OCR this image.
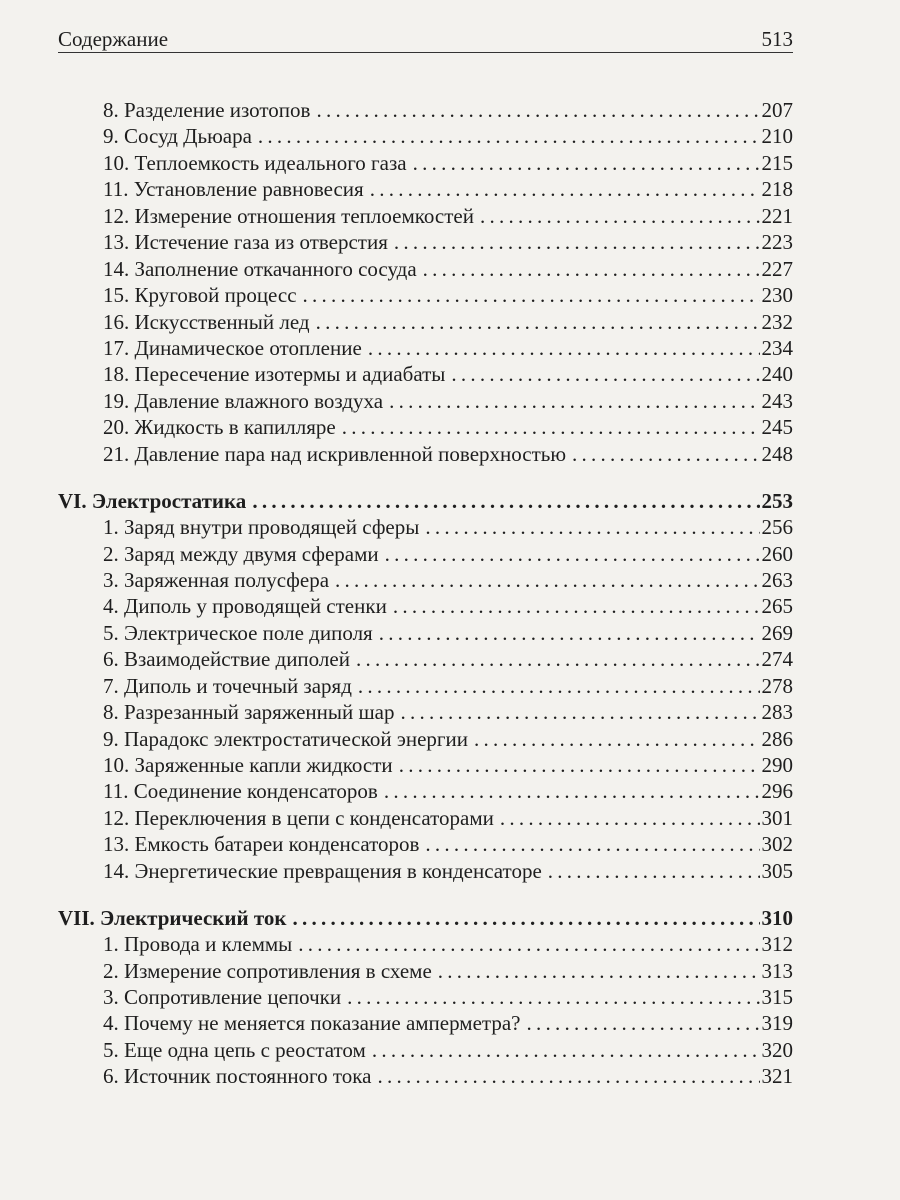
Содержание	513
8. Разделение изотопов . . .	207
9. Сосуд Дьюара . . .	210
10. Теплоемкость идеального газа . . .	215
11. Установление равновесия . . .	218
12. Измерение отношения теплоемкостей . . .	221
13. Истечение газа из отверстия . . .	223
14. Заполнение откачанного сосуда . . .	227
15. Круговой процесс . . .	230
16. Искусственный лед . . .	232
17. Динамическое отопление . . .	234
18. Пересечение изотермы и адиабаты . . .	240
19. Давление влажного воздуха . . .	243
20. Жидкость в капилляре . . .	245
21. Давление пара над искривленной поверхностью . . .	248
VI. Электростатика . . .	253
1. Заряд внутри проводящей сферы . . .	256
2. Заряд между двумя сферами . . .	260
3. Заряженная полусфера . . .	263
4. Диполь у проводящей стенки . . .	265
5. Электрическое поле диполя . . .	269
6. Взаимодействие диполей . . .	274
7. Диполь и точечный заряд . . .	278
8. Разрезанный заряженный шар . . .	283
9. Парадокс электростатической энергии . . .	286
10. Заряженные капли жидкости . . .	290
11. Соединение конденсаторов . . .	296
12. Переключения в цепи с конденсаторами . . .	301
13. Емкость батареи конденсаторов . . .	302
14. Энергетические превращения в конденсаторе . . .	305
VII. Электрический ток . . .	310
1. Провода и клеммы . . .	312
2. Измерение сопротивления в схеме . . .	313
3. Сопротивление цепочки . . .	315
4. Почему не меняется показание амперметра? . . .	319
5. Еще одна цепь с реостатом . . .	320
6. Источник постоянного тока . . .	321
